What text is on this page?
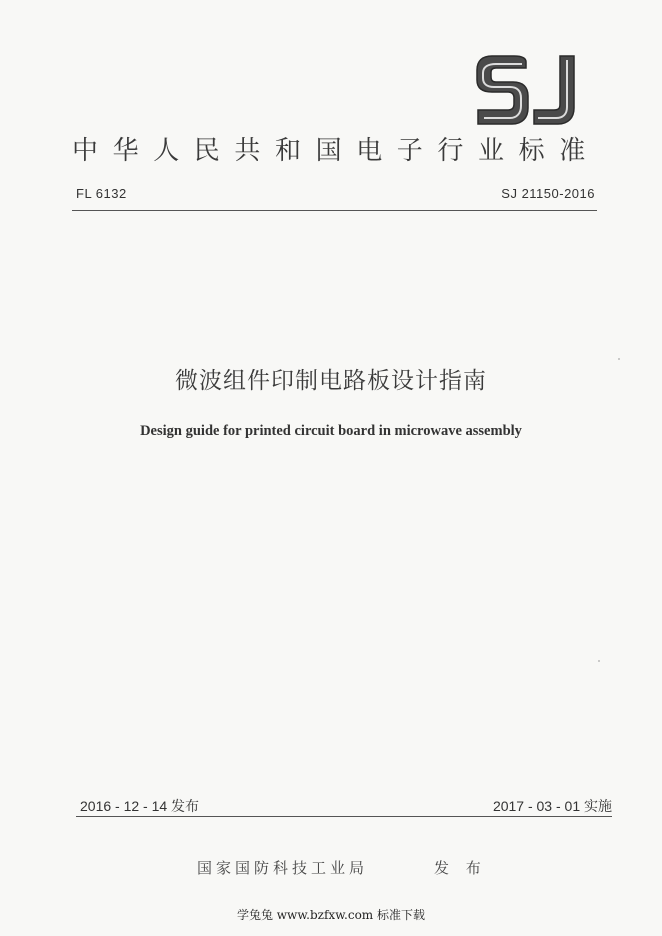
中华人民共和国电子行业标准
FL 6132	SJ 21150-2016
微波组件印制电路板设计指南
Design guide for printed circuit board in microwave assembly
2016 - 12 - 14 发布	2017 - 03 - 01 实施
国家国防科技工业局	发 布
学兔兔 www.bzfxw.com 标准下载
